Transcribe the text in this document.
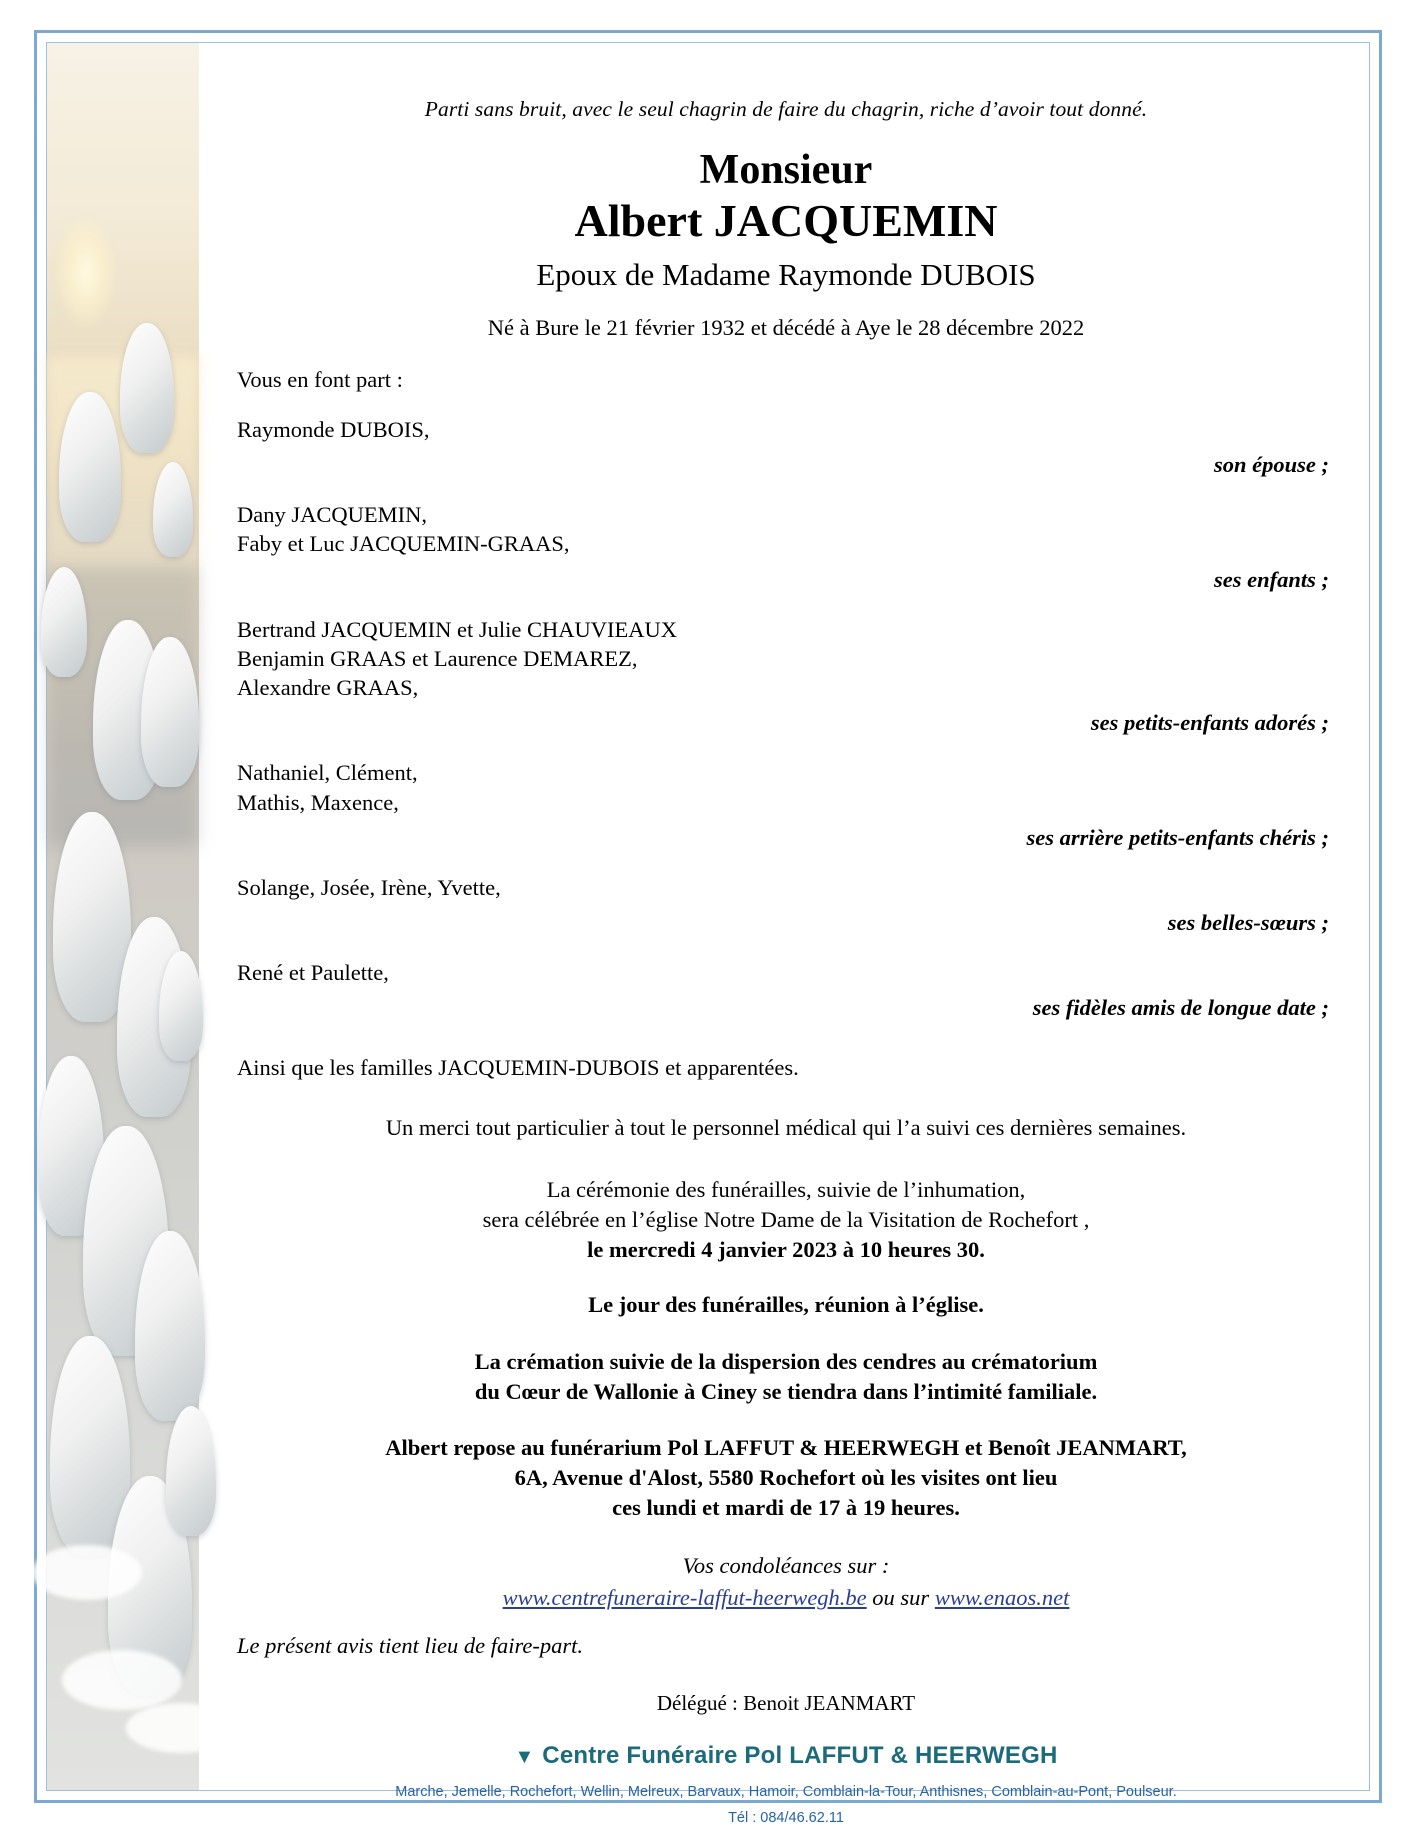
Parti sans bruit, avec le seul chagrin de faire du chagrin, riche d’avoir tout donné.
Monsieur
Albert JACQUEMIN
Epoux de Madame Raymonde DUBOIS
Né à Bure le 21 février 1932 et décédé à Aye le 28 décembre 2022
Vous en font part :
Raymonde DUBOIS,
son épouse ;
Dany JACQUEMIN,
Faby et Luc JACQUEMIN-GRAAS,
ses enfants ;
Bertrand JACQUEMIN et Julie CHAUVIEAUX
Benjamin GRAAS et Laurence DEMAREZ,
Alexandre GRAAS,
ses petits-enfants adorés ;
Nathaniel, Clément,
Mathis, Maxence,
ses arrière petits-enfants chéris ;
Solange, Josée, Irène, Yvette,
ses belles-sœurs ;
René et Paulette,
ses fidèles amis de longue date ;
Ainsi que les familles JACQUEMIN-DUBOIS et apparentées.
Un merci tout particulier à tout le personnel médical qui l’a suivi ces dernières semaines.
La cérémonie des funérailles, suivie de l’inhumation,
sera célébrée en l’église Notre Dame de la Visitation de Rochefort ,
le mercredi 4 janvier 2023 à 10 heures 30.
Le jour des funérailles, réunion à l’église.
La crémation suivie de la dispersion des cendres au crématorium
du Cœur de Wallonie à Ciney se tiendra dans l’intimité familiale.
Albert repose au funérarium Pol LAFFUT & HEERWEGH et Benoît JEANMART,
6A, Avenue d'Alost, 5580 Rochefort où les visites ont lieu
ces lundi et mardi de 17 à 19 heures.
Vos condoléances sur :
www.centrefuneraire-laffut-heerwegh.be ou sur www.enaos.net
Le présent avis tient lieu de faire-part.
Délégué : Benoit JEANMART
▼ Centre Funéraire Pol LAFFUT & HEERWEGH
Marche, Jemelle, Rochefort, Wellin, Melreux, Barvaux, Hamoir, Comblain-la-Tour, Anthisnes, Comblain-au-Pont, Poulseur.
Tél : 084/46.62.11
